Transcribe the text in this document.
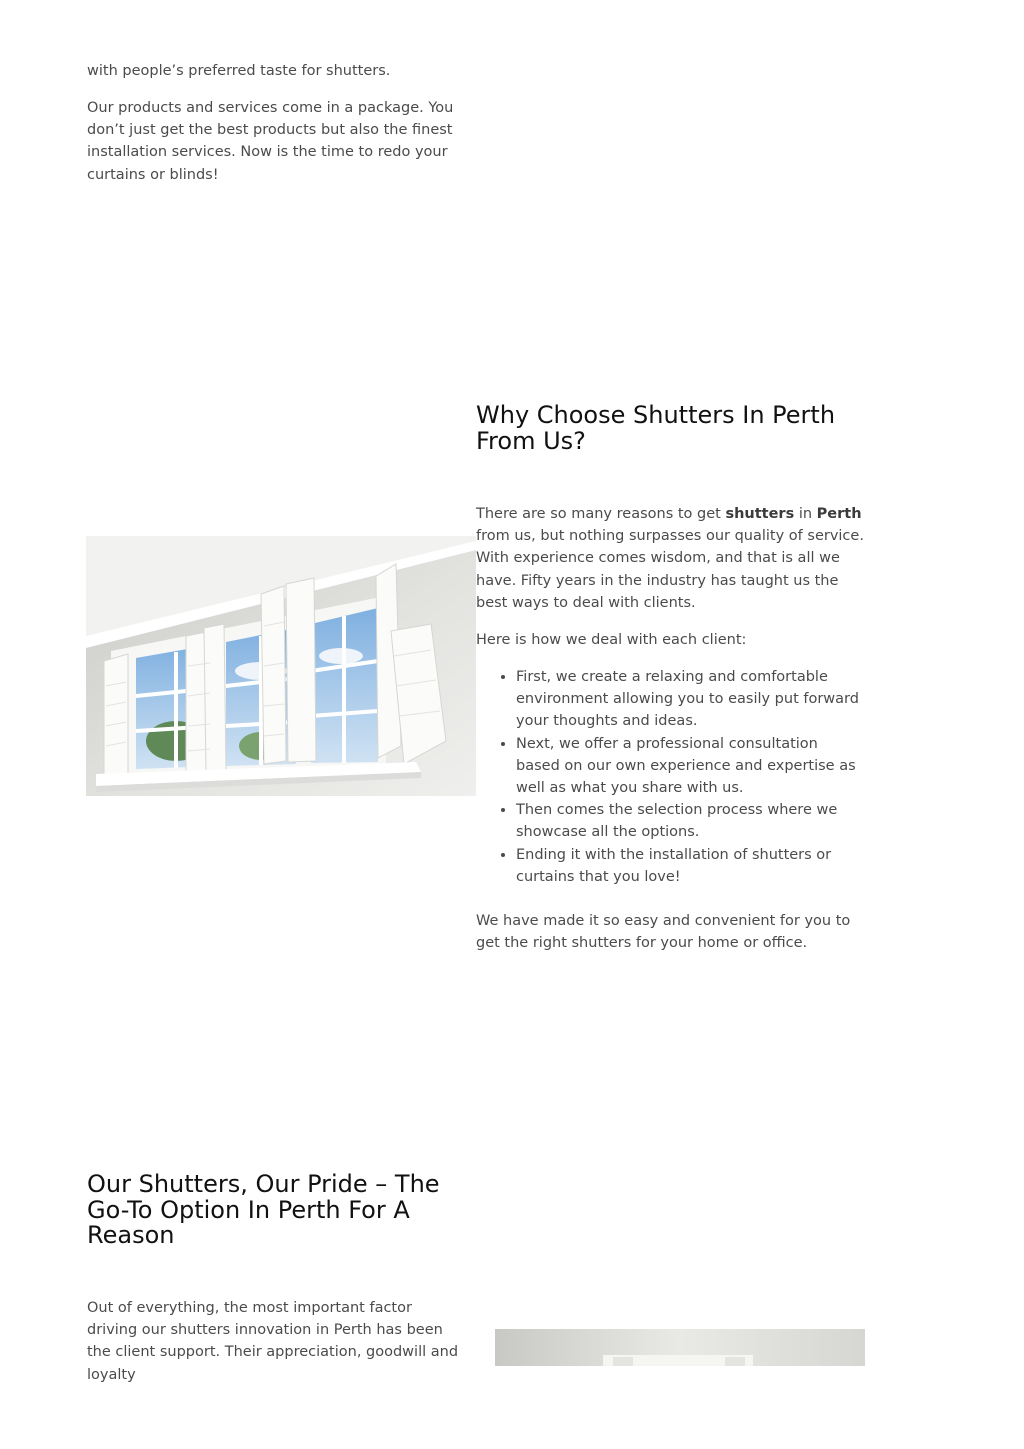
with people’s preferred taste for shutters.

Our products and services come in a package. You don’t just get the best products but also the finest installation services. Now is the time to redo your curtains or blinds!

Why Choose Shutters In Perth From Us?

There are so many reasons to get shutters in Perth from us, but nothing surpasses our quality of service. With experience comes wisdom, and that is all we have. Fifty years in the industry has taught us the best ways to deal with clients.

Here is how we deal with each client:

• First, we create a relaxing and comfortable environment allowing you to easily put forward your thoughts and ideas.
• Next, we offer a professional consultation based on our own experience and expertise as well as what you share with us.
• Then comes the selection process where we showcase all the options.
• Ending it with the installation of shutters or curtains that you love!

We have made it so easy and convenient for you to get the right shutters for your home or office.

Our Shutters, Our Pride – The Go-To Option In Perth For A Reason

Out of everything, the most important factor driving our shutters innovation in Perth has been the client support. Their appreciation, goodwill and loyalty
